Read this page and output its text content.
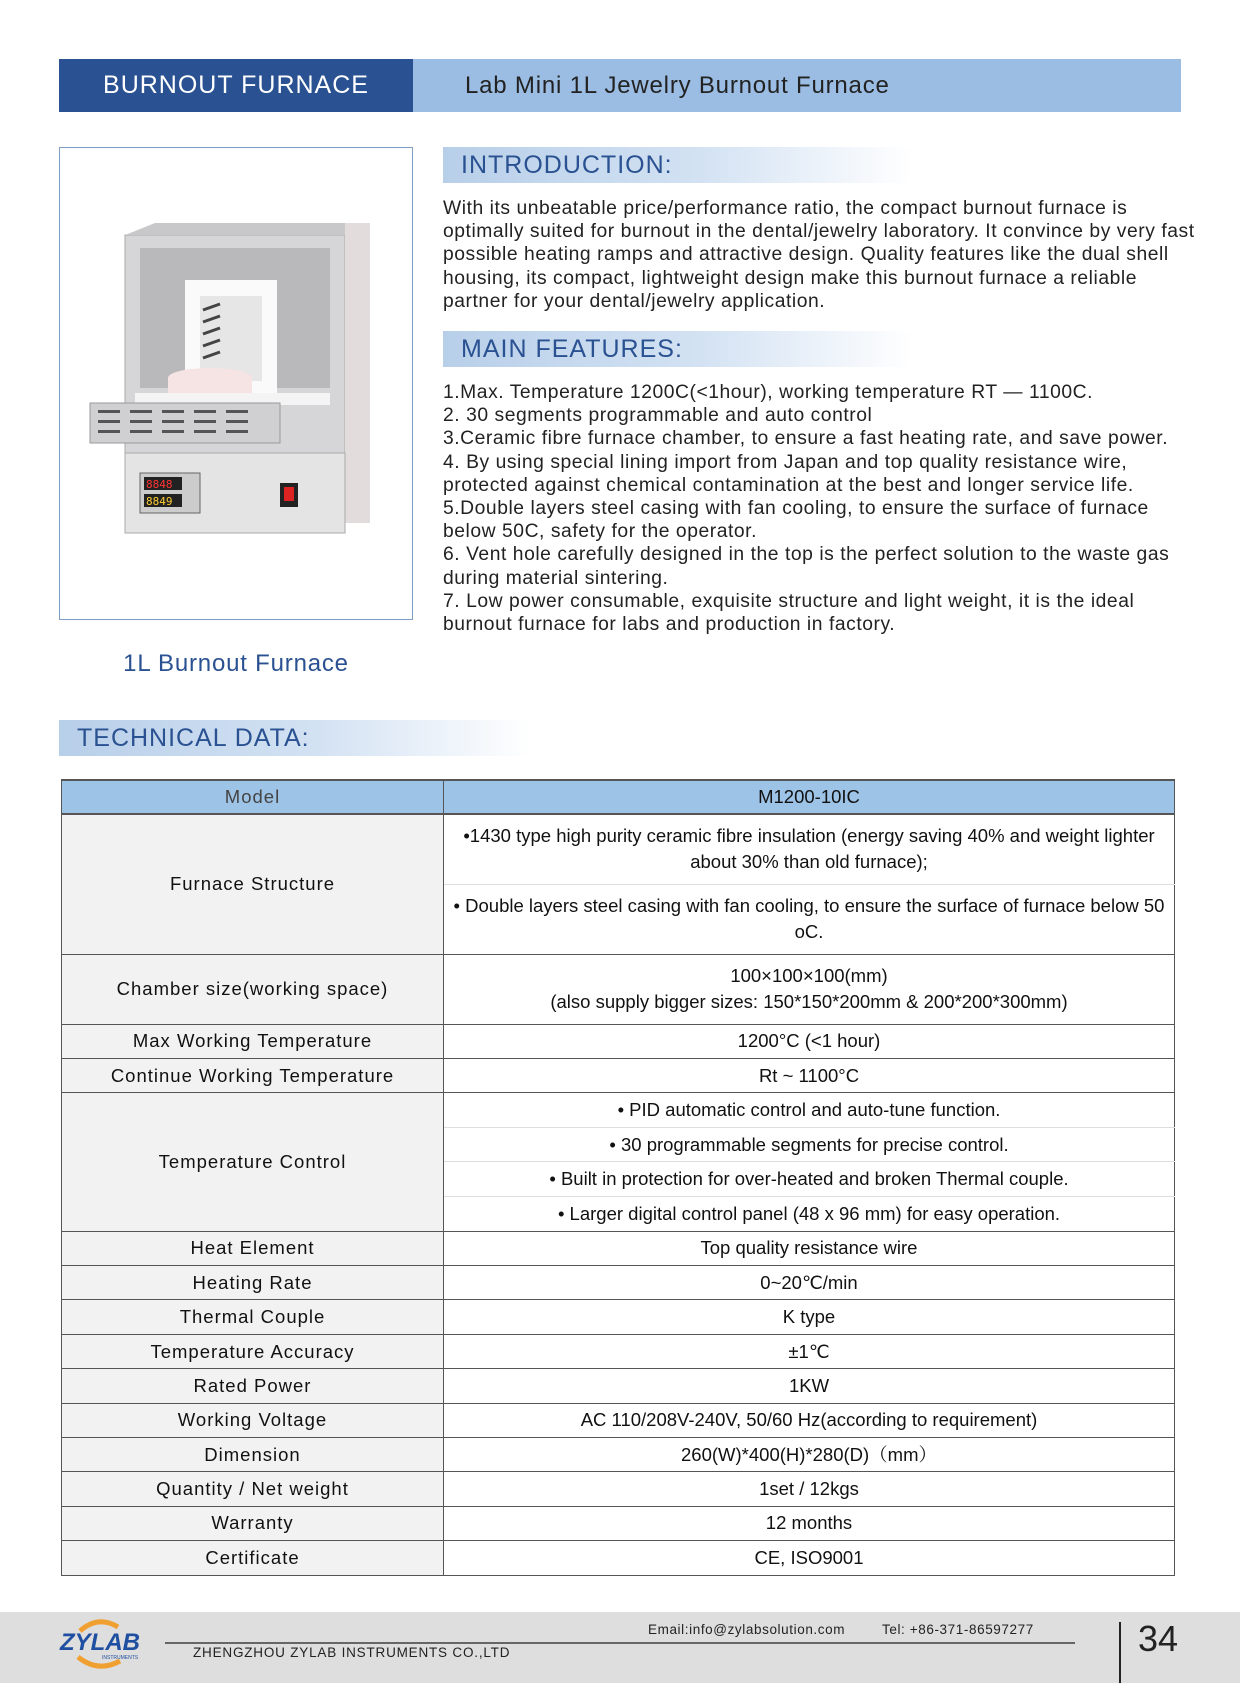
BURNOUT FURNACE	Lab Mini 1L Jewelry Burnout Furnace
8848
8849
1L Burnout Furnace
INTRODUCTION:
With its unbeatable price/performance ratio, the compact burnout furnace is optimally suited for burnout in the dental/jewelry laboratory. It convince by very fast possible heating ramps and attractive design. Quality features like the dual shell housing, its compact, lightweight design make this burnout furnace a reliable partner for your dental/jewelry application.
MAIN FEATURES:
1.Max. Temperature 1200C(<1hour), working temperature RT — 1100C.
2. 30 segments programmable and auto control
3.Ceramic fibre furnace chamber, to ensure a fast heating rate, and save power.
4. By using special lining import from Japan and top quality resistance wire, protected against chemical contamination at the best and longer service life.
5.Double layers steel casing with fan cooling, to ensure the surface of furnace below 50C, safety for the operator.
6. Vent hole carefully designed in the top is the perfect solution to the waste gas during material sintering.
7. Low power consumable, exquisite structure and light weight, it is the ideal burnout furnace for labs and production in factory.
TECHNICAL DATA:
Model	M1200-10IC
Furnace Structure	•1430 type high purity ceramic fibre insulation (energy saving 40% and weight lighter about 30% than old furnace);
	• Double layers steel casing with fan cooling, to ensure the surface of furnace below 50 oC.
Chamber size(working space)	100×100×100(mm)
(also supply bigger sizes: 150*150*200mm & 200*200*300mm)

Max Working Temperature	1200°C (<1 hour)
Continue Working Temperature	Rt ~ 1100°C
Temperature Control	• PID automatic control and auto-tune function.
	• 30 programmable segments for precise control.
	• Built in protection for over-heated and broken Thermal couple.
	• Larger digital control panel (48 x 96 mm) for easy operation.
Heat Element	Top quality resistance wire
Heating Rate	0~20℃/min
Thermal Couple	K type
Temperature Accuracy	±1℃
Rated Power	1KW
Working Voltage	AC 110/208V-240V, 50/60 Hz(according to requirement)
Dimension	260(W)*400(H)*280(D)（mm）
Quantity / Net weight	1set / 12kgs
Warranty	12 months
Certificate	CE, ISO9001
ZYLAB
INSTRUMENTS
Email:info@zylabsolution.com	Tel: +86-371-86597277
ZHENGZHOU ZYLAB INSTRUMENTS CO.,LTD	34
